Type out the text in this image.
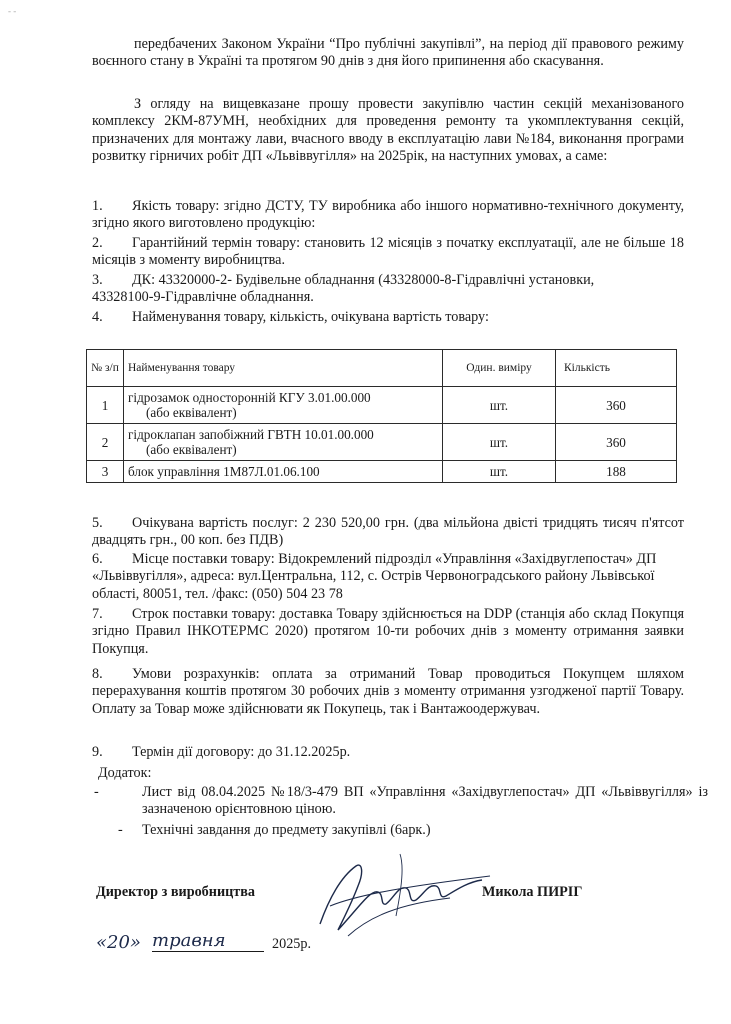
- -

передбачених Законом України “Про публічні закупівлі”, на період дії правового режиму воєнного стану в Україні та протягом 90 днів з дня його припинення або скасування.

З огляду на вищевказане прошу провести закупівлю частин секцій механізованого комплексу 2КМ-87УМН, необхідних для проведення ремонту та укомплектування секцій, призначених для монтажу лави, вчасного вводу в експлуатацію лави №184, виконання програми розвитку гірничих робіт ДП «Львіввугілля» на 2025рік, на наступних умовах, а саме:

1. Якість товару: згідно ДСТУ, ТУ виробника або іншого нормативно-технічного документу, згідно якого виготовлено продукцію:

2. Гарантійний термін товару: становить 12 місяців з початку експлуатації, але не більше 18 місяців з моменту виробництва.

3. ДК: 43320000-2- Будівельне обладнання (43328000-8-Гідравлічні установки, 43328100-9-Гідравлічне обладнання.

4. Найменування товару, кількість, очікувана вартість товару:

№ з/п	Найменування товару	Один. виміру	Кількість
1	гідрозамок односторонній КГУ 3.01.00.000
(або еквівалент)	шт.	360
2	гідроклапан запобіжний ГВТН 10.01.00.000
(або еквівалент)	шт.	360
3	блок управління 1М87Л.01.06.100	шт.	188

5. Очікувана вартість послуг: 2 230 520,00 грн. (два мільйона двісті тридцять тисяч п'ятсот двадцять грн., 00 коп. без ПДВ)

6. Місце поставки товару: Відокремлений підрозділ «Управління «Західвуглепостач» ДП «Львіввугілля», адреса: вул.Центральна, 112, с. Острів Червоноградського району Львівської області, 80051, тел. /факс: (050) 504 23 78

7. Строк поставки товару: доставка Товару здійснюється на DDP (станція або склад Покупця згідно Правил ІНКОТЕРМС 2020) протягом 10-ти робочих днів з моменту отримання заявки Покупця.

8. Умови розрахунків: оплата за отриманий Товар проводиться Покупцем шляхом перерахування коштів протягом 30 робочих днів з моменту отримання узгодженої партії Товару. Оплату за Товар може здійснювати як Покупець, так і Вантажоодержувач.

9. Термін дії договору: до 31.12.2025р.

Додаток:

-	Лист від 08.04.2025 №18/3-479 ВП «Управління «Західвуглепостач» ДП «Львіввугілля» із зазначеною орієнтовною ціною.

- Технічні завдання до предмету закупівлі (6арк.)

Директор з виробництва	Микола ПИРІГ
«20» травня	2025р.
